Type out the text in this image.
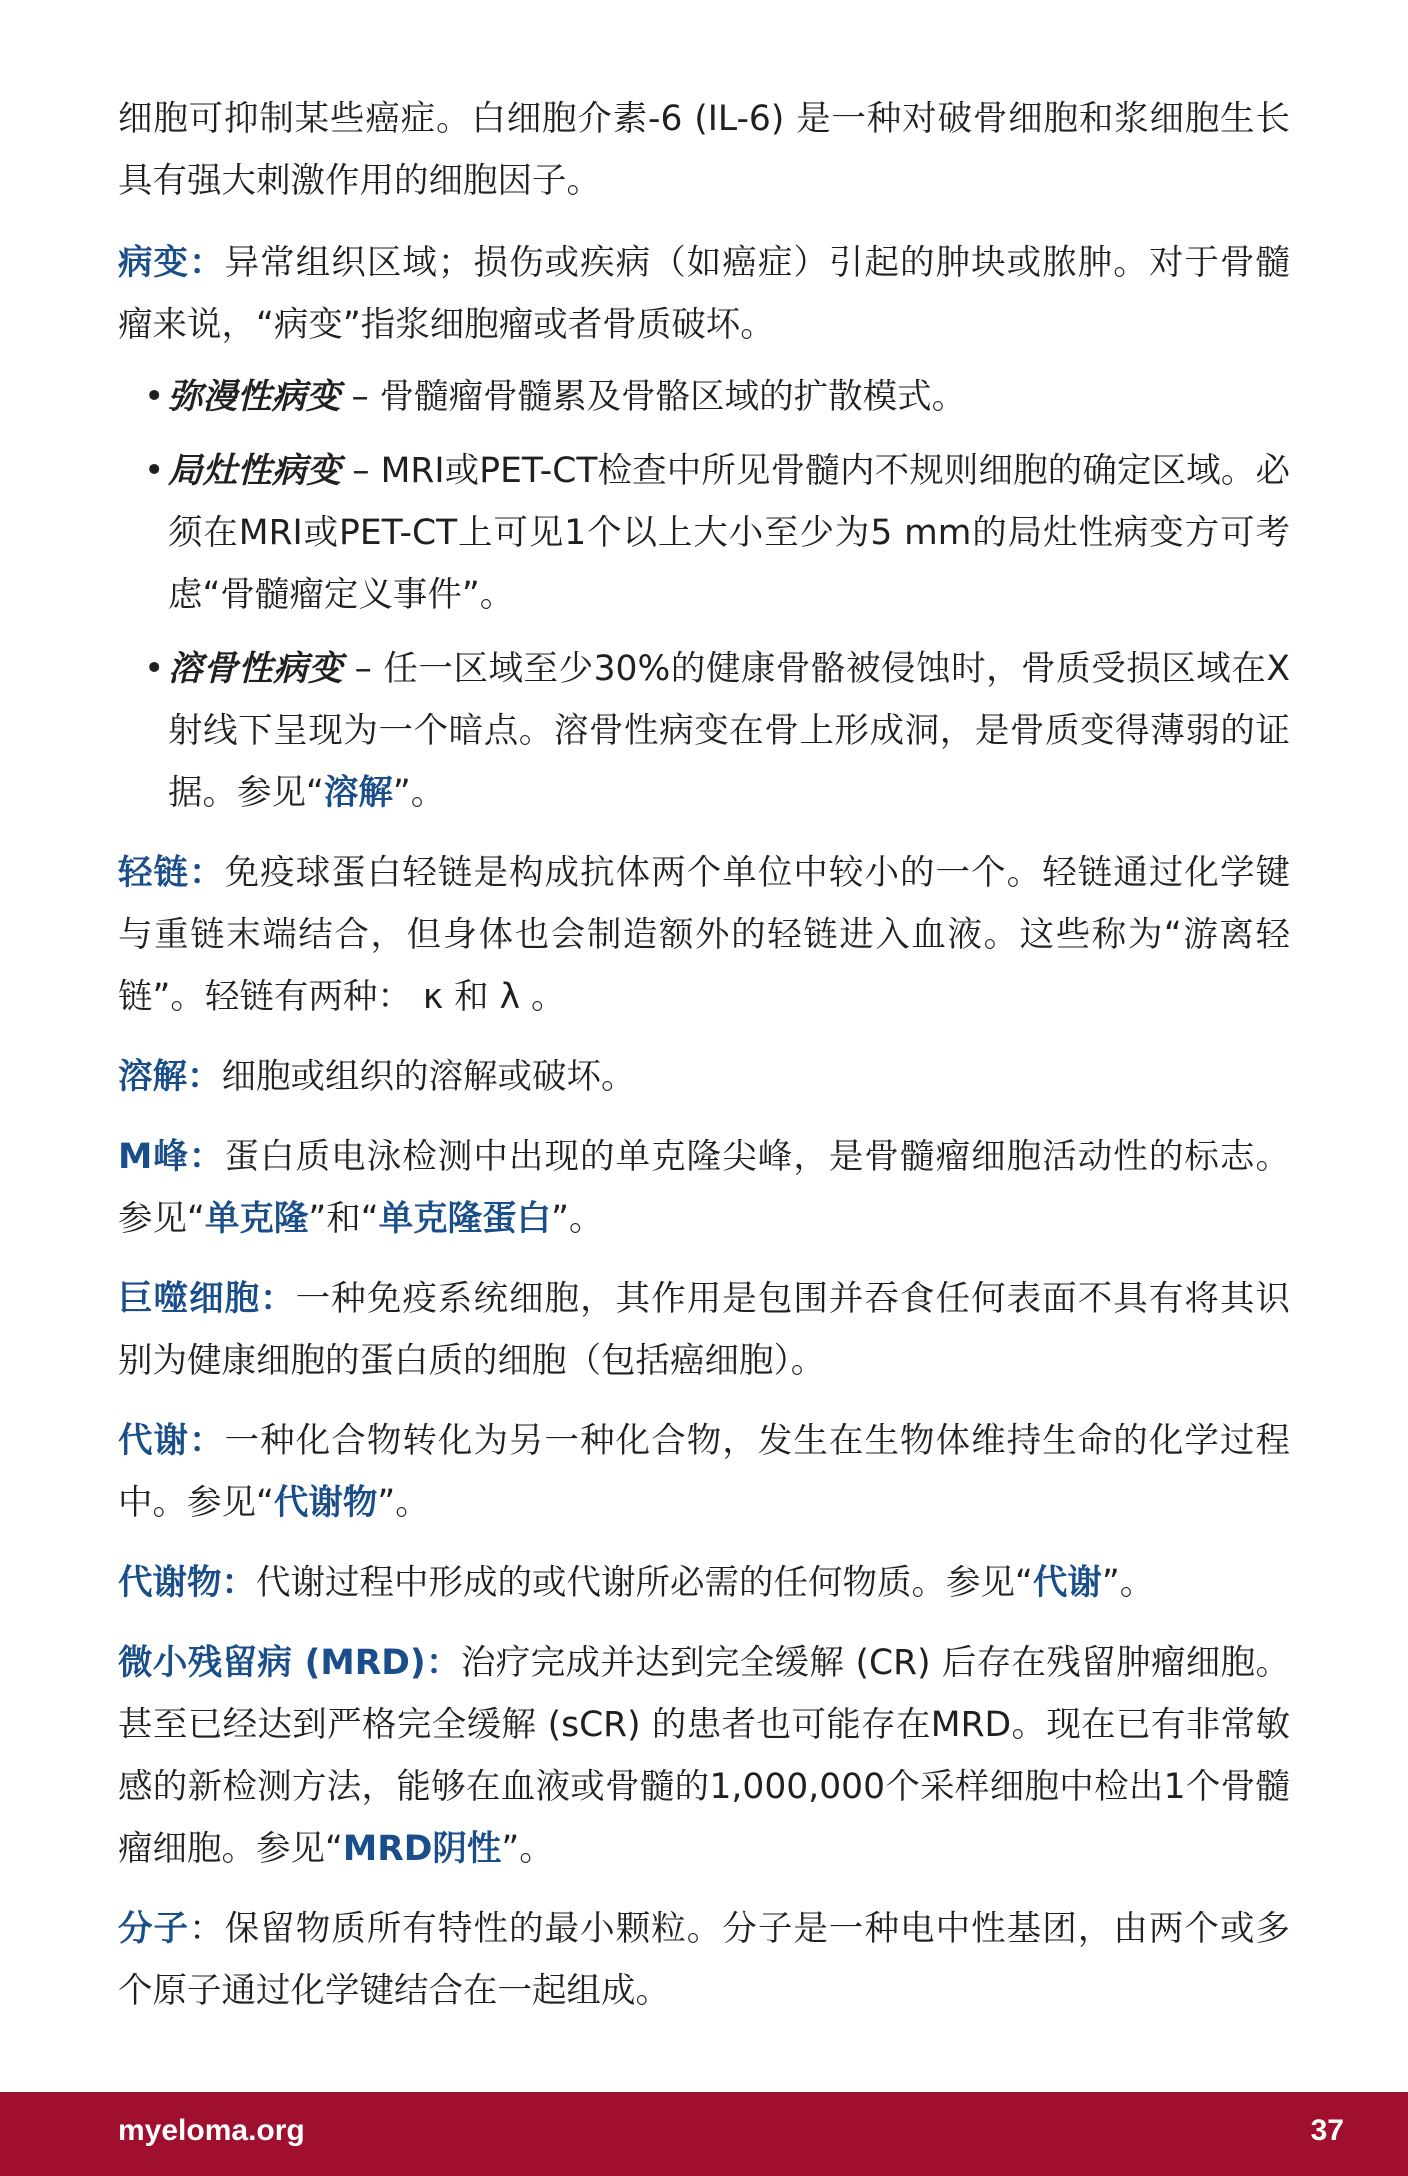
细胞可抑制某些癌症。白细胞介素-6 (IL-6) 是一种对破骨细胞和浆细胞生长具有强大刺激作用的细胞因子。

病变：异常组织区域；损伤或疾病（如癌症）引起的肿块或脓肿。对于骨髓瘤来说，“病变”指浆细胞瘤或者骨质破坏。

• 弥漫性病变 – 骨髓瘤骨髓累及骨骼区域的扩散模式。
• 局灶性病变 – MRI或PET-CT检查中所见骨髓内不规则细胞的确定区域。必须在MRI或PET-CT上可见1个以上大小至少为5 mm的局灶性病变方可考虑“骨髓瘤定义事件”。
• 溶骨性病变 – 任一区域至少30%的健康骨骼被侵蚀时，骨质受损区域在X射线下呈现为一个暗点。溶骨性病变在骨上形成洞，是骨质变得薄弱的证据。参见“溶解”。

轻链：免疫球蛋白轻链是构成抗体两个单位中较小的一个。轻链通过化学键与重链末端结合，但身体也会制造额外的轻链进入血液。这些称为“游离轻链”。轻链有两种： κ 和 λ 。

溶解：细胞或组织的溶解或破坏。

M峰：蛋白质电泳检测中出现的单克隆尖峰，是骨髓瘤细胞活动性的标志。参见“单克隆”和“单克隆蛋白”。

巨噬细胞：一种免疫系统细胞，其作用是包围并吞食任何表面不具有将其识别为健康细胞的蛋白质的细胞（包括癌细胞）。

代谢：一种化合物转化为另一种化合物，发生在生物体维持生命的化学过程中。参见“代谢物”。

代谢物：代谢过程中形成的或代谢所必需的任何物质。参见“代谢”。

微小残留病 (MRD)：治疗完成并达到完全缓解 (CR) 后存在残留肿瘤细胞。甚至已经达到严格完全缓解 (sCR) 的患者也可能存在MRD。现在已有非常敏感的新检测方法，能够在血液或骨髓的1,000,000个采样细胞中检出1个骨髓瘤细胞。参见“MRD阴性”。

分子：保留物质所有特性的最小颗粒。分子是一种电中性基团，由两个或多个原子通过化学键结合在一起组成。

myeloma.org	37
